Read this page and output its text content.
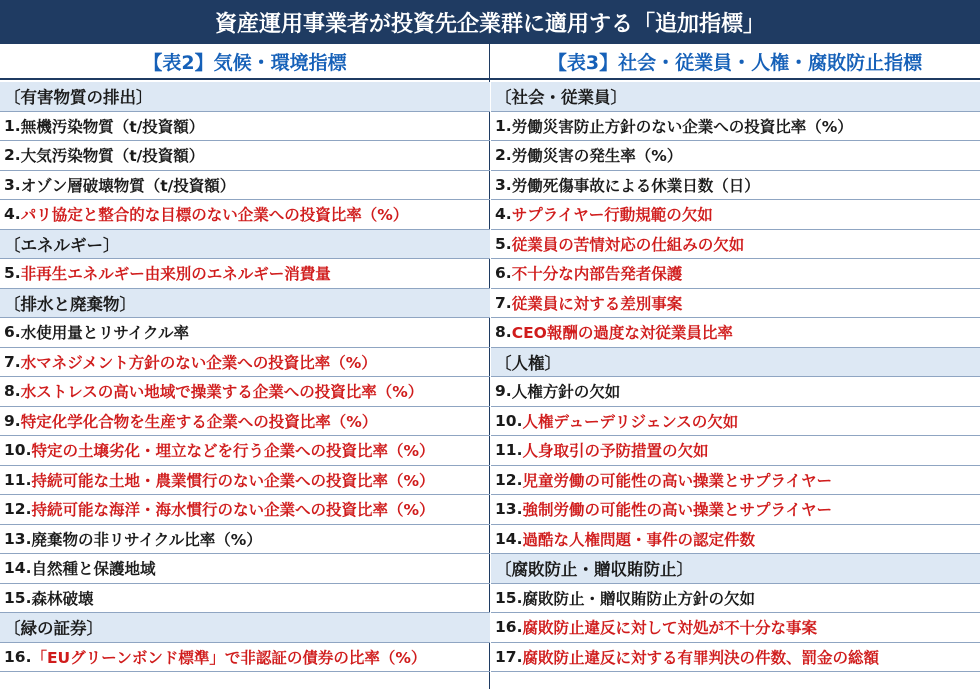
資産運用事業者が投資先企業群に適用する「追加指標」
【表2】気候・環境指標	【表3】社会・従業員・人権・腐敗防止指標
〔有害物質の排出〕
1. 無機汚染物質（t/投資額）
2. 大気汚染物質（t/投資額）
3. オゾン層破壊物質（t/投資額）
4. パリ協定と整合的な目標のない企業への投資比率（%）
〔エネルギー〕
5. 非再生エネルギー由来別のエネルギー消費量
〔排水と廃棄物〕
6. 水使用量とリサイクル率
7. 水マネジメント方針のない企業への投資比率（%）
8. 水ストレスの高い地域で操業する企業への投資比率（%）
9. 特定化学化合物を生産する企業への投資比率（%）
10. 特定の土壌劣化・埋立などを行う企業への投資比率（%）
11. 持続可能な土地・農業慣行のない企業への投資比率（%）
12. 持続可能な海洋・海水慣行のない企業への投資比率（%）
13. 廃棄物の非リサイクル比率（%）
14. 自然種と保護地域
15. 森林破壊
〔緑の証券〕
16. 「EUグリーンボンド標準」で非認証の債券の比率（%）
〔社会・従業員〕
1. 労働災害防止方針のない企業への投資比率（%）
2. 労働災害の発生率（%）
3. 労働死傷事故による休業日数（日）
4. サプライヤー行動規範の欠如
5. 従業員の苦情対応の仕組みの欠如
6. 不十分な内部告発者保護
7. 従業員に対する差別事案
8. CEO報酬の過度な対従業員比率
〔人権〕
9. 人権方針の欠如
10. 人権デューデリジェンスの欠如
11. 人身取引の予防措置の欠如
12. 児童労働の可能性の高い操業とサプライヤー
13. 強制労働の可能性の高い操業とサプライヤー
14. 過酷な人権問題・事件の認定件数
〔腐敗防止・贈収賄防止〕
15. 腐敗防止・贈収賄防止方針の欠如
16. 腐敗防止違反に対して対処が不十分な事案
17. 腐敗防止違反に対する有罪判決の件数、罰金の総額
